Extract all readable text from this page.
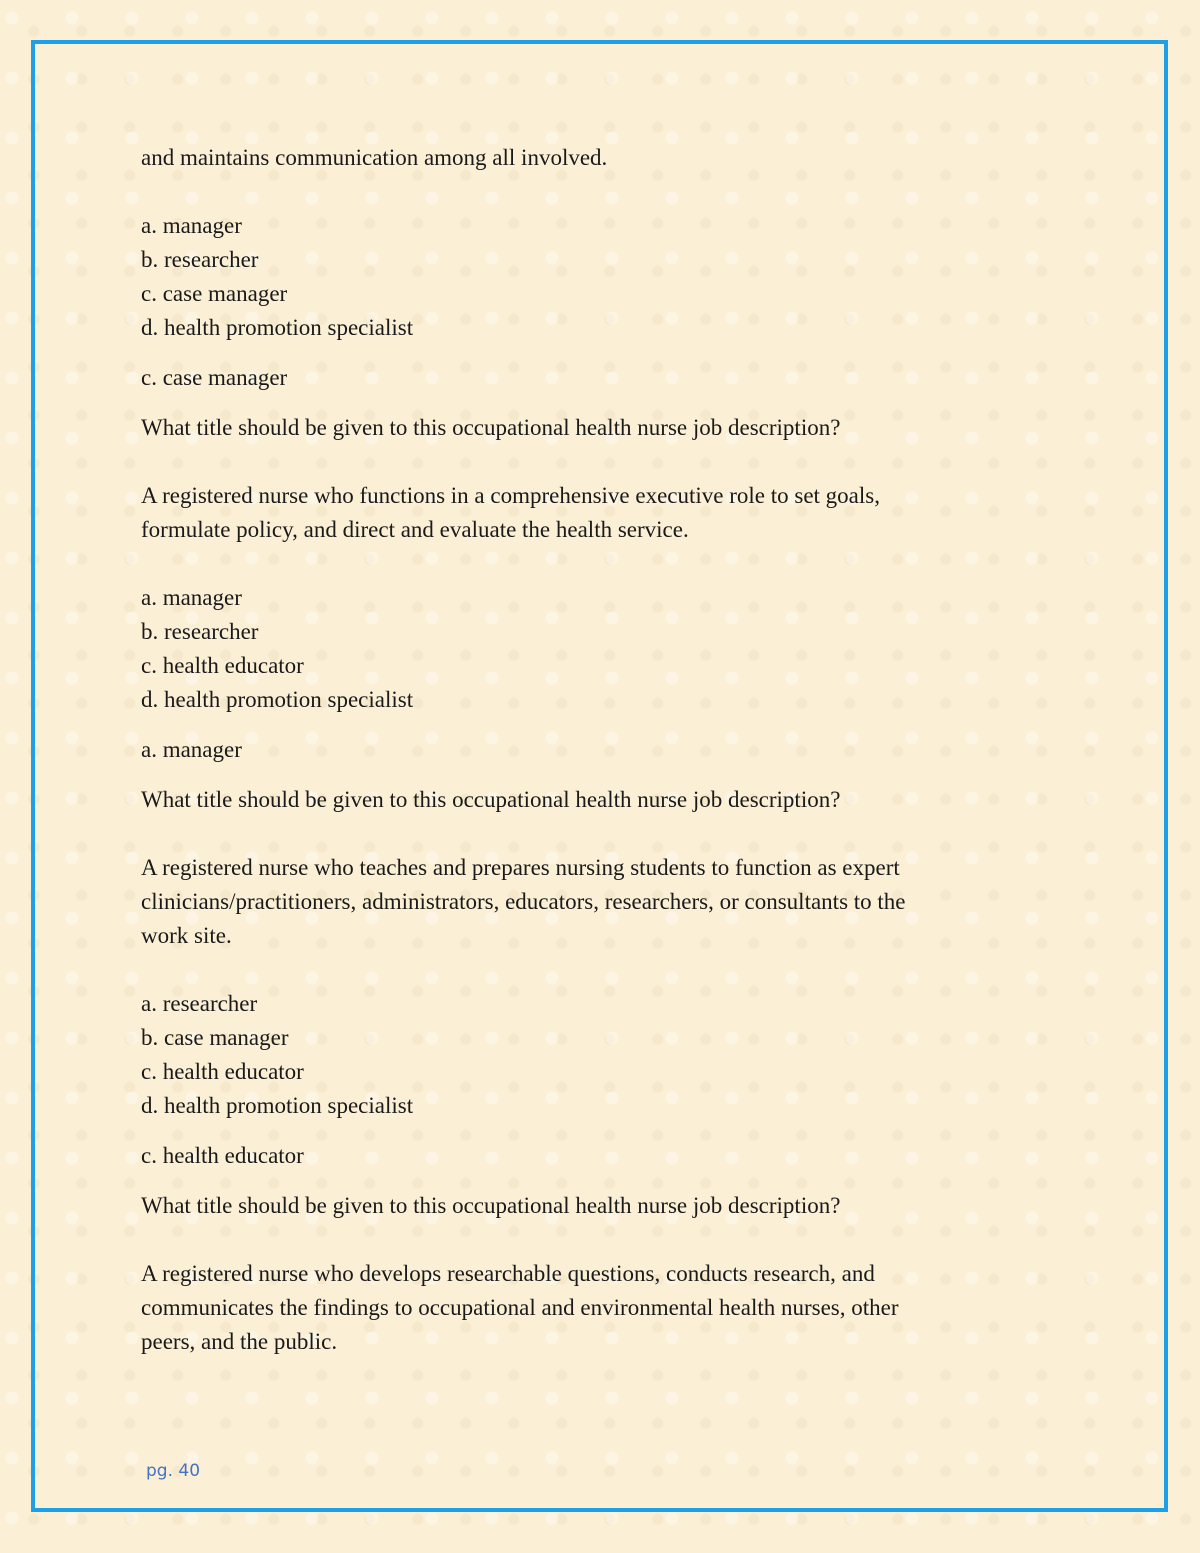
and maintains communication among all involved.

a. manager

b. researcher

c. case manager

d. health promotion specialist

c. case manager

What title should be given to this occupational health nurse job description?

A registered nurse who functions in a comprehensive executive role to set goals,

formulate policy, and direct and evaluate the health service.

a. manager

b. researcher

c. health educator

d. health promotion specialist

a. manager

What title should be given to this occupational health nurse job description?

A registered nurse who teaches and prepares nursing students to function as expert

clinicians/practitioners, administrators, educators, researchers, or consultants to the

work site.

a. researcher

b. case manager

c. health educator

d. health promotion specialist

c. health educator

What title should be given to this occupational health nurse job description?

A registered nurse who develops researchable questions, conducts research, and

communicates the findings to occupational and environmental health nurses, other

peers, and the public.

pg. 40
